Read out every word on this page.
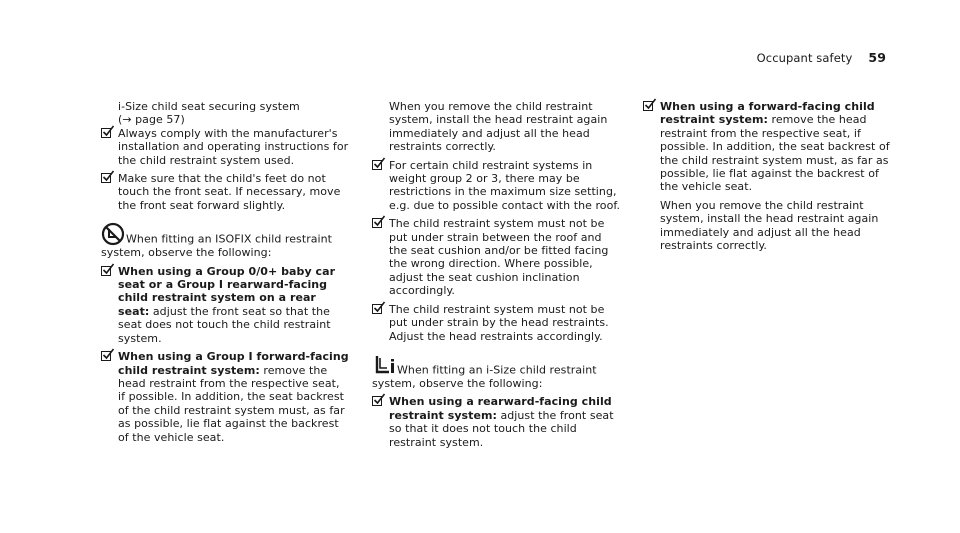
Occupant safety 59

i-Size child seat securing system
(→ page 57)

Always comply with the manufacturer's installation and operating instructions for the child restraint system used.

Make sure that the child's feet do not touch the front seat. If necessary, move the front seat forward slightly.

When fitting an ISOFIX child restraint system, observe the following:

When using a Group 0/0+ baby car seat or a Group I rearward-facing child restraint system on a rear seat: adjust the front seat so that the seat does not touch the child restraint system.

When using a Group I forward-facing child restraint system: remove the head restraint from the respective seat, if possible. In addition, the seat backrest of the child restraint system must, as far as possible, lie flat against the backrest of the vehicle seat.

When you remove the child restraint system, install the head restraint again immediately and adjust all the head restraints correctly.

For certain child restraint systems in weight group 2 or 3, there may be restrictions in the maximum size setting, e.g. due to possible contact with the roof.

The child restraint system must not be put under strain between the roof and the seat cushion and/or be fitted facing the wrong direction. Where possible, adjust the seat cushion inclination accordingly.

The child restraint system must not be put under strain by the head restraints. Adjust the head restraints accordingly.

When fitting an i-Size child restraint system, observe the following:

When using a rearward-facing child restraint system: adjust the front seat so that it does not touch the child restraint system.

When using a forward-facing child restraint system: remove the head restraint from the respective seat, if possible. In addition, the seat backrest of the child restraint system must, as far as possible, lie flat against the backrest of the vehicle seat.

When you remove the child restraint system, install the head restraint again immediately and adjust all the head restraints correctly.
